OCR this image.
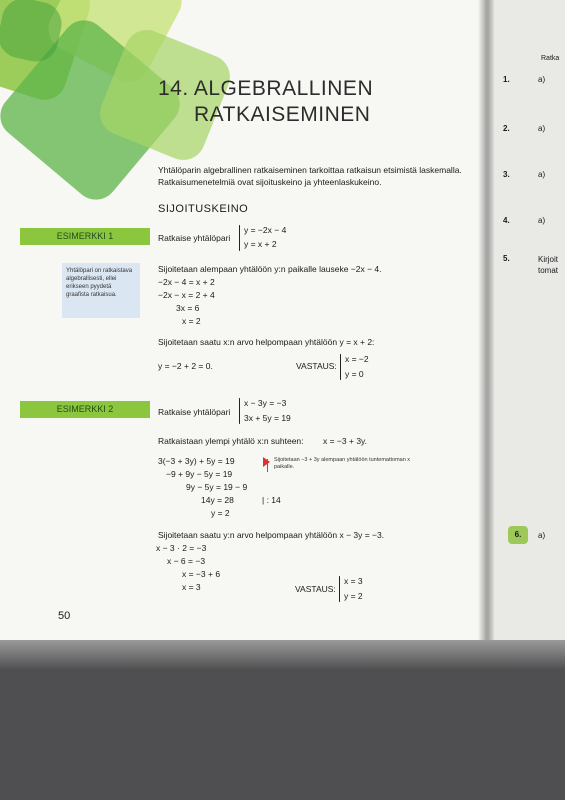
14. ALGEBRALLINEN
RATKAISEMINEN
Yhtälöparin algebrallinen ratkaiseminen tarkoittaa ratkaisun etsimistä laskemalla. Ratkaisumenetelmiä ovat sijoituskeino ja yhteenlaskukeino.
SIJOITUSKEINO
ESIMERKKI 1	Ratkaise yhtälöpari
y = −2x − 4
y = x + 2
Yhtälöpari on ratkaistava algebrallisesti, ellei erikseen pyydetä graafista ratkaisua.
Sijoitetaan alempaan yhtälöön y:n paikalle lauseke −2x − 4.
−2x − 4 = x + 2
−2x − x = 2 + 4
3x = 6
x = 2
Sijoitetaan saatu x:n arvo helpompaan yhtälöön y = x + 2:
y = −2 + 2 = 0.	VASTAUS:
x = −2
y = 0
ESIMERKKI 2	Ratkaise yhtälöpari
x − 3y = −3
3x + 5y = 19
Ratkaistaan ylempi yhtälö x:n suhteen: x = −3 + 3y.
3(−3 + 3y) + 5y = 19
−9 + 9y − 5y = 19
9y − 5y = 19 − 9
14y = 28
y = 2
| : 14
Sijoitetaan −3 + 3y alempaan yhtälöön tuntemattoman x paikalle.
Sijoitetaan saatu y:n arvo helpompaan yhtälöön x − 3y = −3.
x − 3 · 2 = −3
x − 6 = −3
x = −3 + 6
x = 3	VASTAUS:
x = 3
y = 2
50
Ratka
1.	a)
2.	a)
3.	a)
4.	a)
5.	Kirjoit tomat
6.	a)
